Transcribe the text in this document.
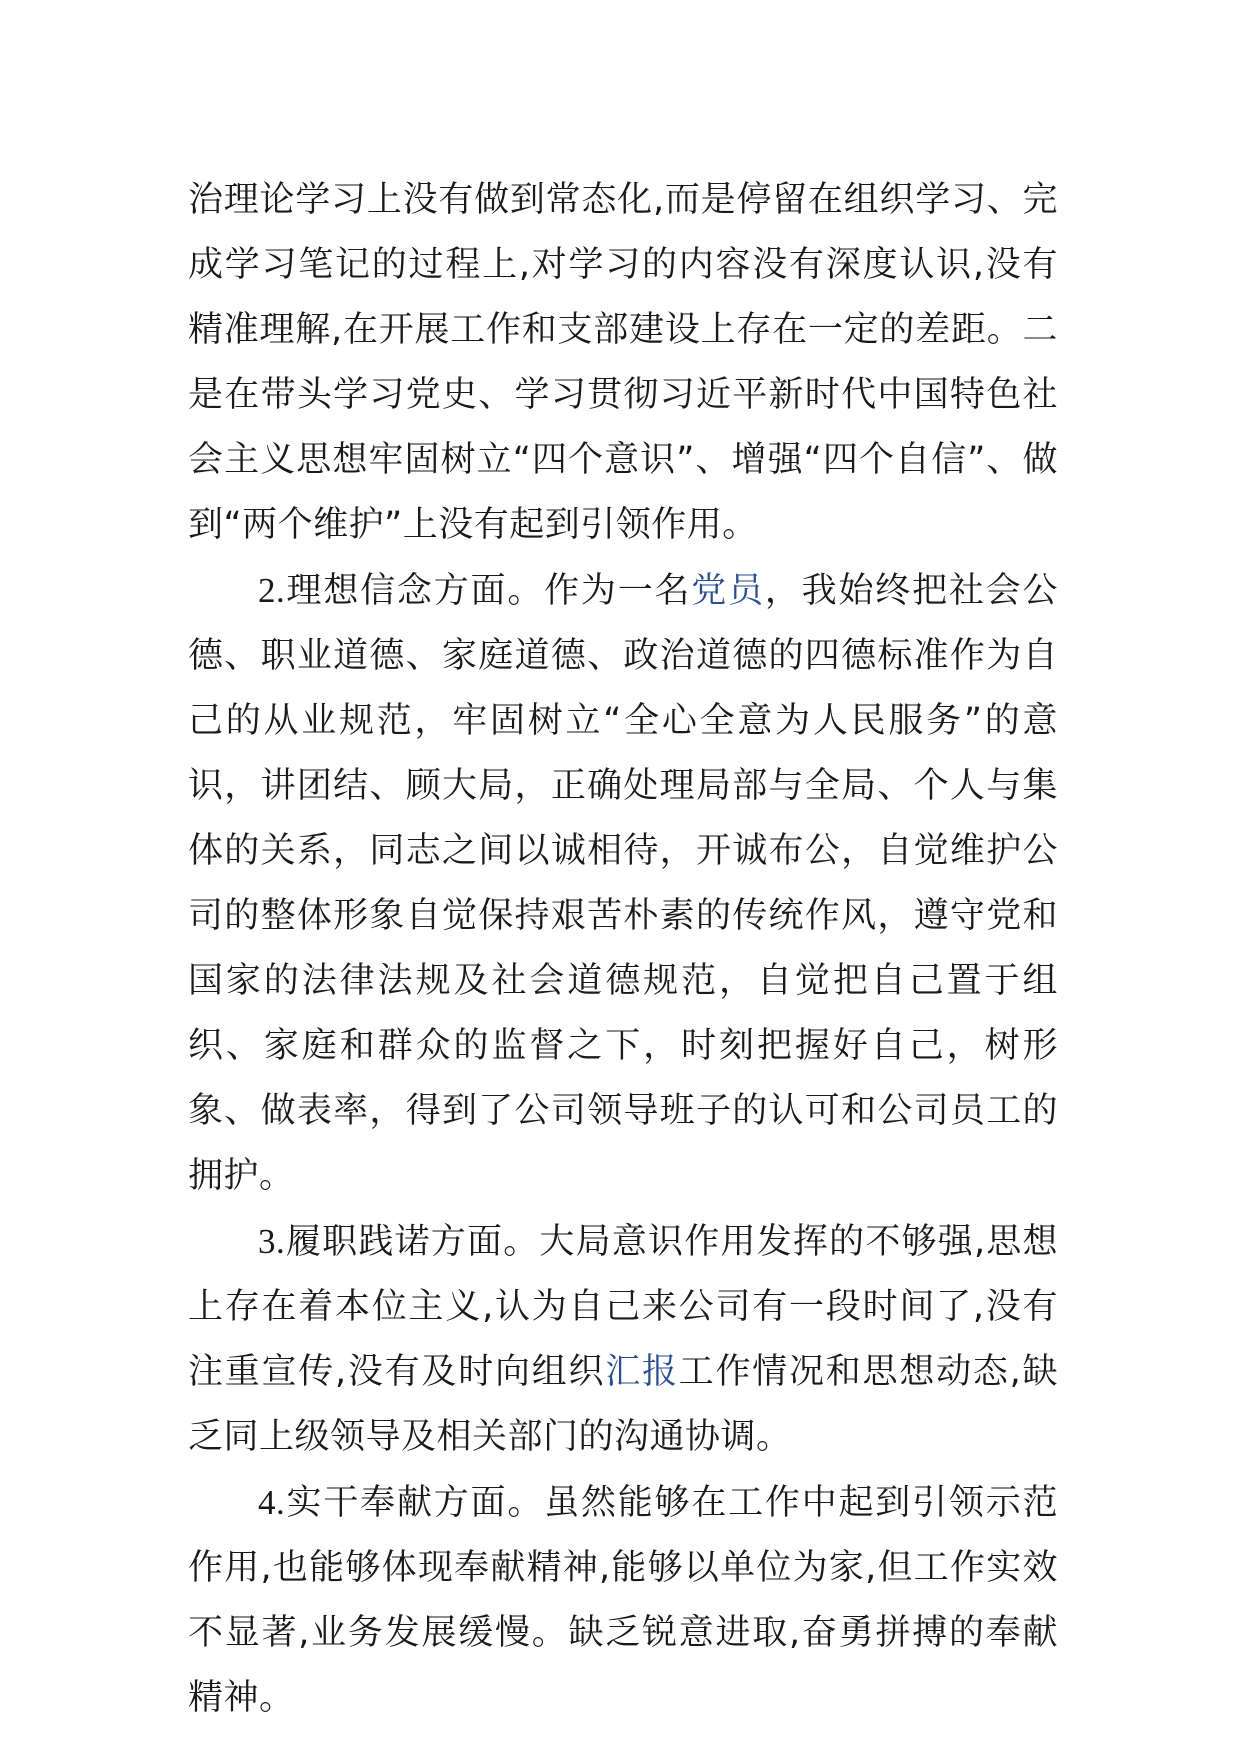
治理论学习上没有做到常态化,而是停留在组织学习、完成学习笔记的过程上,对学习的内容没有深度认识,没有精准理解,在开展工作和支部建设上存在一定的差距。二是在带头学习党史、学习贯彻习近平新时代中国特色社会主义思想牢固树立“四个意识”、增强“四个自信”、做到“两个维护”上没有起到引领作用。

2.理想信念方面。作为一名党员，我始终把社会公德、职业道德、家庭道德、政治道德的四德标准作为自己的从业规范，牢固树立“全心全意为人民服务”的意识，讲团结、顾大局，正确处理局部与全局、个人与集体的关系，同志之间以诚相待，开诚布公，自觉维护公司的整体形象自觉保持艰苦朴素的传统作风，遵守党和国家的法律法规及社会道德规范，自觉把自己置于组织、家庭和群众的监督之下，时刻把握好自己，树形象、做表率，得到了公司领导班子的认可和公司员工的拥护。

3.履职践诺方面。大局意识作用发挥的不够强,思想上存在着本位主义,认为自己来公司有一段时间了,没有注重宣传,没有及时向组织汇报工作情况和思想动态,缺乏同上级领导及相关部门的沟通协调。

4.实干奉献方面。虽然能够在工作中起到引领示范作用,也能够体现奉献精神,能够以单位为家,但工作实效不显著,业务发展缓慢。缺乏锐意进取,奋勇拼搏的奉献精神。
